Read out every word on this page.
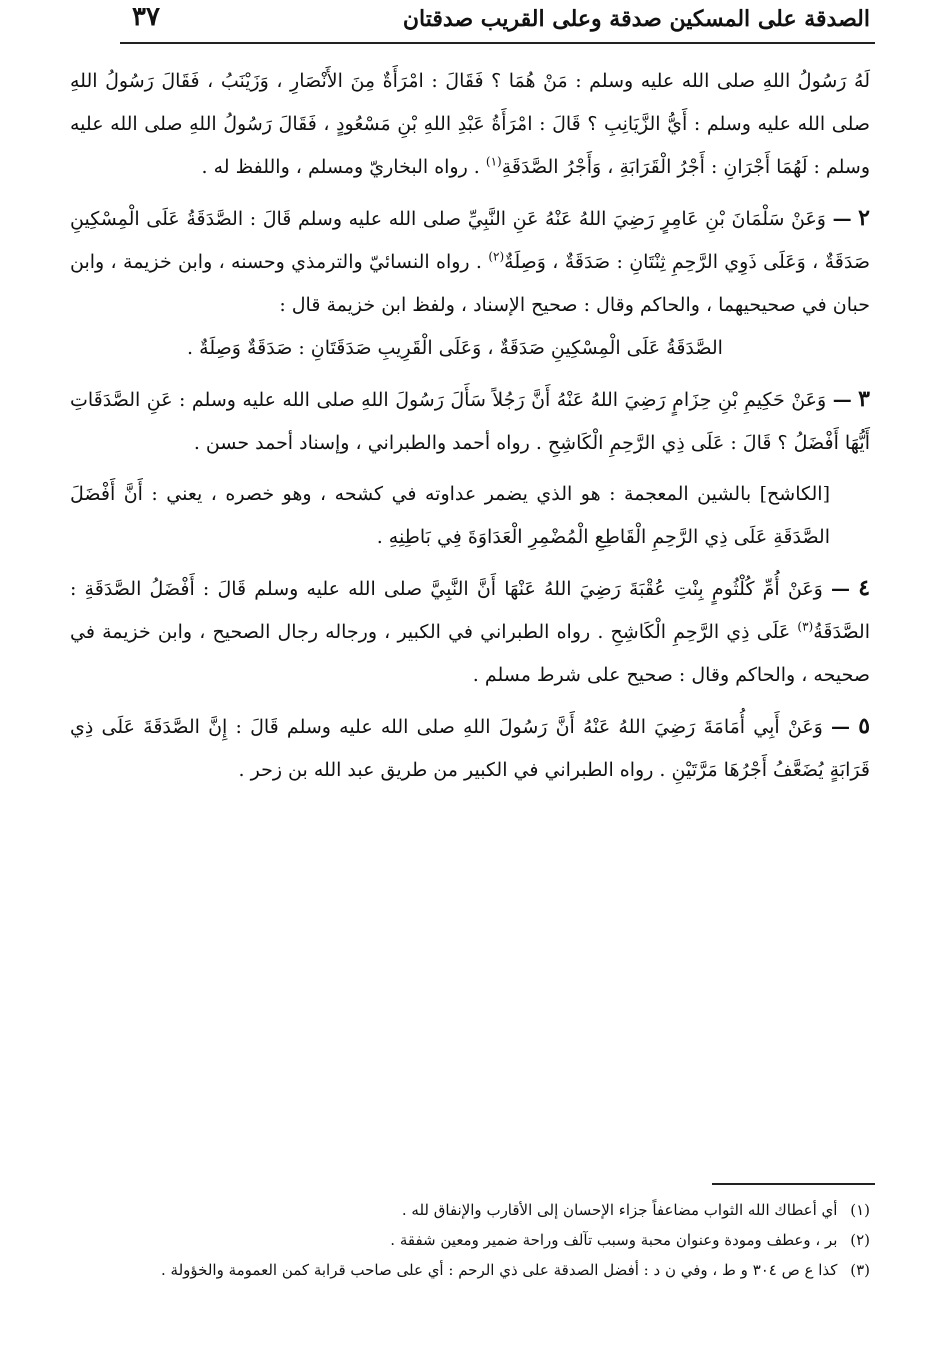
الصدقة على المسكين صدقة وعلى القريب صدقتان
٣٧

لَهُ رَسُولُ اللهِ صلى الله عليه وسلم : مَنْ هُمَا ؟ فَقَالَ : امْرَأَةٌ مِنَ الأَنْصَارِ ، وَزَيْنَبُ ، فَقَالَ رَسُولُ اللهِ صلى الله عليه وسلم : أَيُّ الزَّيَانِبِ ؟ قَالَ : امْرَأَةُ عَبْدِ اللهِ بْنِ مَسْعُودٍ ، فَقَالَ رَسُولُ اللهِ صلى الله عليه وسلم : لَهُمَا أَجْرَانِ : أَجْرُ الْقَرَابَةِ ، وَأَجْرُ الصَّدَقَةِ$^{(١)}$ . رواه البخاريّ ومسلم ، واللفظ له .

٢ — وَعَنْ سَلْمَانَ بْنِ عَامِرٍ رَضِيَ اللهُ عَنْهُ عَنِ النَّبِيِّ صلى الله عليه وسلم قَالَ : الصَّدَقَةُ عَلَى الْمِسْكِينِ صَدَقَةٌ ، وَعَلَى ذَوِي الرَّحِمِ ثِنْتَانِ : صَدَقَةٌ ، وَصِلَةٌ$^{(٢)}$ . رواه النسائيّ والترمذي وحسنه ، وابن خزيمة ، وابن حبان في صحيحيهما ، والحاكم وقال : صحيح الإسناد ، ولفظ ابن خزيمة قال :
الصَّدَقَةُ عَلَى الْمِسْكِينِ صَدَقَةٌ ، وَعَلَى الْقَرِيبِ صَدَقَتَانِ : صَدَقَةٌ وَصِلَةٌ .

٣ — وَعَنْ حَكِيمِ بْنِ حِزَامٍ رَضِيَ اللهُ عَنْهُ أَنَّ رَجُلاً سَأَلَ رَسُولَ اللهِ صلى الله عليه وسلم : عَنِ الصَّدَقَاتِ أَيُّهَا أَفْضَلُ ؟ قَالَ : عَلَى ذِي الرَّحِمِ الْكَاشِحِ . رواه أحمد والطبراني ، وإسناد أحمد حسن .

[الكاشح] بالشين المعجمة : هو الذي يضمر عداوته في كشحه ، وهو خصره ، يعني : أَنَّ أَفْضَلَ الصَّدَقَةِ عَلَى ذِي الرَّحِمِ الْقَاطِعِ الْمُضْمِرِ الْعَدَاوَةَ فِي بَاطِنِهِ .

٤ — وَعَنْ أُمِّ كُلْثُومٍ بِنْتِ عُقْبَةَ رَضِيَ اللهُ عَنْهَا أَنَّ النَّبِيَّ صلى الله عليه وسلم قَالَ : أَفْضَلُ الصَّدَقَةِ : الصَّدَقَةُ$^{(٣)}$ عَلَى ذِي الرَّحِمِ الْكَاشِحِ . رواه الطبراني في الكبير ، ورجاله رجال الصحيح ، وابن خزيمة في صحيحه ، والحاكم وقال : صحيح على شرط مسلم .

٥ — وَعَنْ أَبِي أُمَامَةَ رَضِيَ اللهُ عَنْهُ أَنَّ رَسُولَ اللهِ صلى الله عليه وسلم قَالَ : إِنَّ الصَّدَقَةَ عَلَى ذِي قَرَابَةٍ يُضَعَّفُ أَجْرُهَا مَرَّتَيْنِ . رواه الطبراني في الكبير من طريق عبد الله بن زحر .

(١) أي أعطاك الله الثواب مضاعفاً جزاء الإحسان إلى الأقارب والإنفاق لله .
(٢) بر ، وعطف ومودة وعنوان محبة وسبب تآلف وراحة ضمير ومعين شفقة .
(٣) كذا ع ص ٣٠٤ و ط ، وفي ن د : أفضل الصدقة على ذي الرحم : أي على صاحب قرابة كمن العمومة والخؤولة .
